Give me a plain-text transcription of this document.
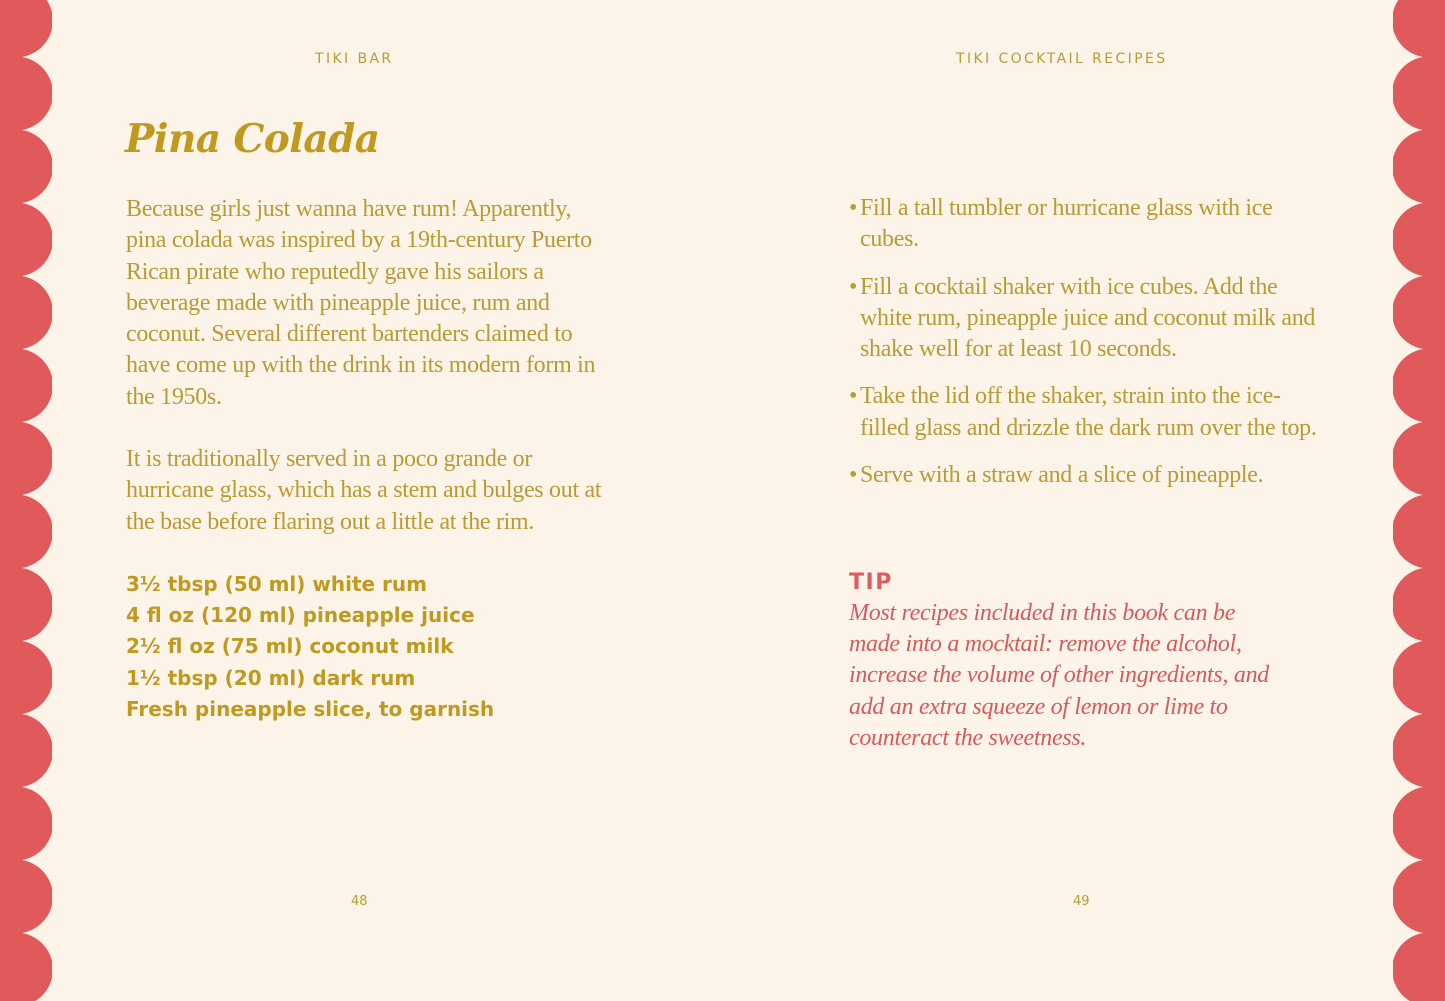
TIKI BAR

Pina Colada

Because girls just wanna have rum! Apparently, pina colada was inspired by a 19th-century Puerto Rican pirate who reputedly gave his sailors a beverage made with pineapple juice, rum and coconut. Several different bartenders claimed to have come up with the drink in its modern form in the 1950s.

It is traditionally served in a poco grande or hurricane glass, which has a stem and bulges out at the base before flaring out a little at the rim.

3½ tbsp (50 ml) white rum
4 fl oz (120 ml) pineapple juice
2½ fl oz (75 ml) coconut milk
1½ tbsp (20 ml) dark rum
Fresh pineapple slice, to garnish

48

TIKI COCKTAIL RECIPES

• Fill a tall tumbler or hurricane glass with ice cubes.
• Fill a cocktail shaker with ice cubes. Add the white rum, pineapple juice and coconut milk and shake well for at least 10 seconds.
• Take the lid off the shaker, strain into the ice-filled glass and drizzle the dark rum over the top.
• Serve with a straw and a slice of pineapple.

TIP

Most recipes included in this book can be made into a mocktail: remove the alcohol, increase the volume of other ingredients, and add an extra squeeze of lemon or lime to counteract the sweetness.

49
